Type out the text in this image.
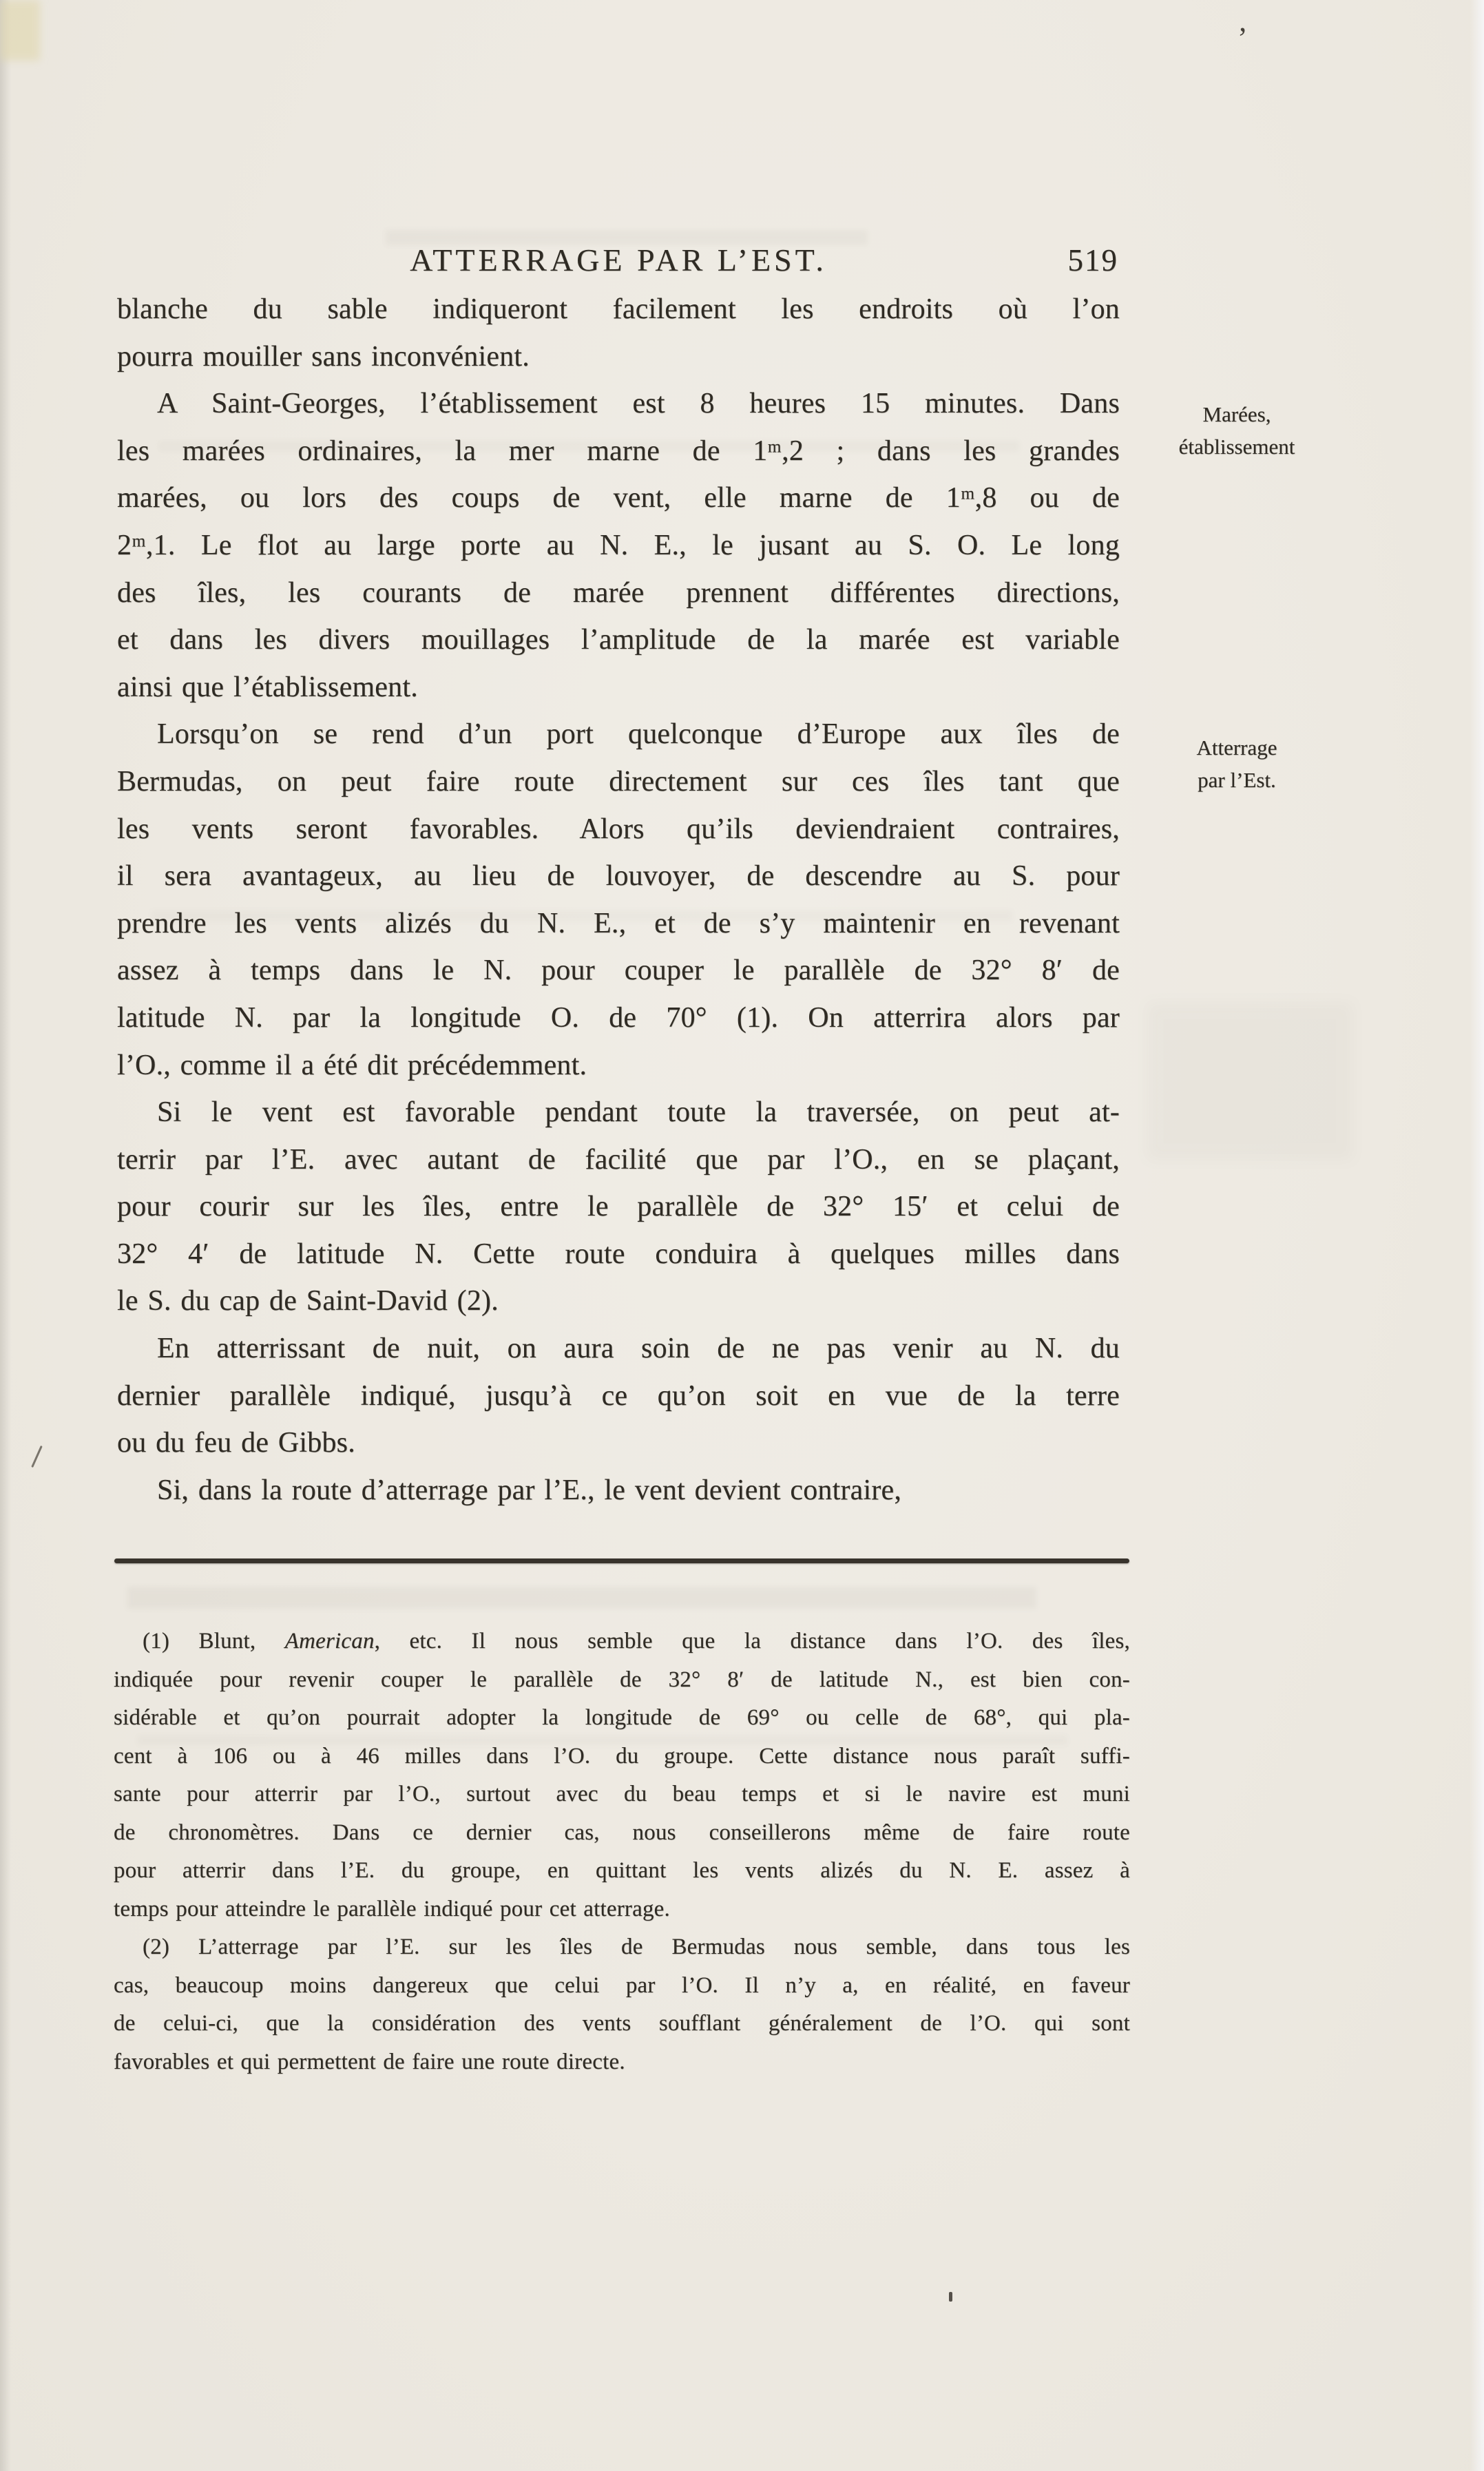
ATTERRAGE PAR L’EST.	519
blanche du sable indiqueront facilement les endroits où l’on
pourra mouiller sans inconvénient.
A Saint-Georges, l’établissement est 8 heures 15 minutes. Dans
les marées ordinaires, la mer marne de 1ᵐ,2 ; dans les grandes
marées, ou lors des coups de vent, elle marne de 1ᵐ,8 ou de
2ᵐ,1. Le flot au large porte au N. E., le jusant au S. O. Le long
des îles, les courants de marée prennent différentes directions,
et dans les divers mouillages l’amplitude de la marée est variable
ainsi que l’établissement.
Lorsqu’on se rend d’un port quelconque d’Europe aux îles de
Bermudas, on peut faire route directement sur ces îles tant que
les vents seront favorables. Alors qu’ils deviendraient contraires,
il sera avantageux, au lieu de louvoyer, de descendre au S. pour
prendre les vents alizés du N. E., et de s’y maintenir en revenant
assez à temps dans le N. pour couper le parallèle de 32° 8′ de
latitude N. par la longitude O. de 70° (1). On atterrira alors par
l’O., comme il a été dit précédemment.
Si le vent est favorable pendant toute la traversée, on peut at-
terrir par l’E. avec autant de facilité que par l’O., en se plaçant,
pour courir sur les îles, entre le parallèle de 32° 15′ et celui de
32° 4′ de latitude N. Cette route conduira à quelques milles dans
le S. du cap de Saint-David (2).
En atterrissant de nuit, on aura soin de ne pas venir au N. du
dernier parallèle indiqué, jusqu’à ce qu’on soit en vue de la terre
ou du feu de Gibbs.
Si, dans la route d’atterrage par l’E., le vent devient contraire,
Marées,
établissement
Atterrage
par l’Est.
(1) Blunt, American, etc. Il nous semble que la distance dans l’O. des îles,
indiquée pour revenir couper le parallèle de 32° 8′ de latitude N., est bien con-
sidérable et qu’on pourrait adopter la longitude de 69° ou celle de 68°, qui pla-
cent à 106 ou à 46 milles dans l’O. du groupe. Cette distance nous paraît suffi-
sante pour atterrir par l’O., surtout avec du beau temps et si le navire est muni
de chronomètres. Dans ce dernier cas, nous conseillerons même de faire route
pour atterrir dans l’E. du groupe, en quittant les vents alizés du N. E. assez à
temps pour atteindre le parallèle indiqué pour cet atterrage.
(2) L’atterrage par l’E. sur les îles de Bermudas nous semble, dans tous les
cas, beaucoup moins dangereux que celui par l’O. Il n’y a, en réalité, en faveur
de celui-ci, que la considération des vents soufflant généralement de l’O. qui sont
favorables et qui permettent de faire une route directe.
ʼ
